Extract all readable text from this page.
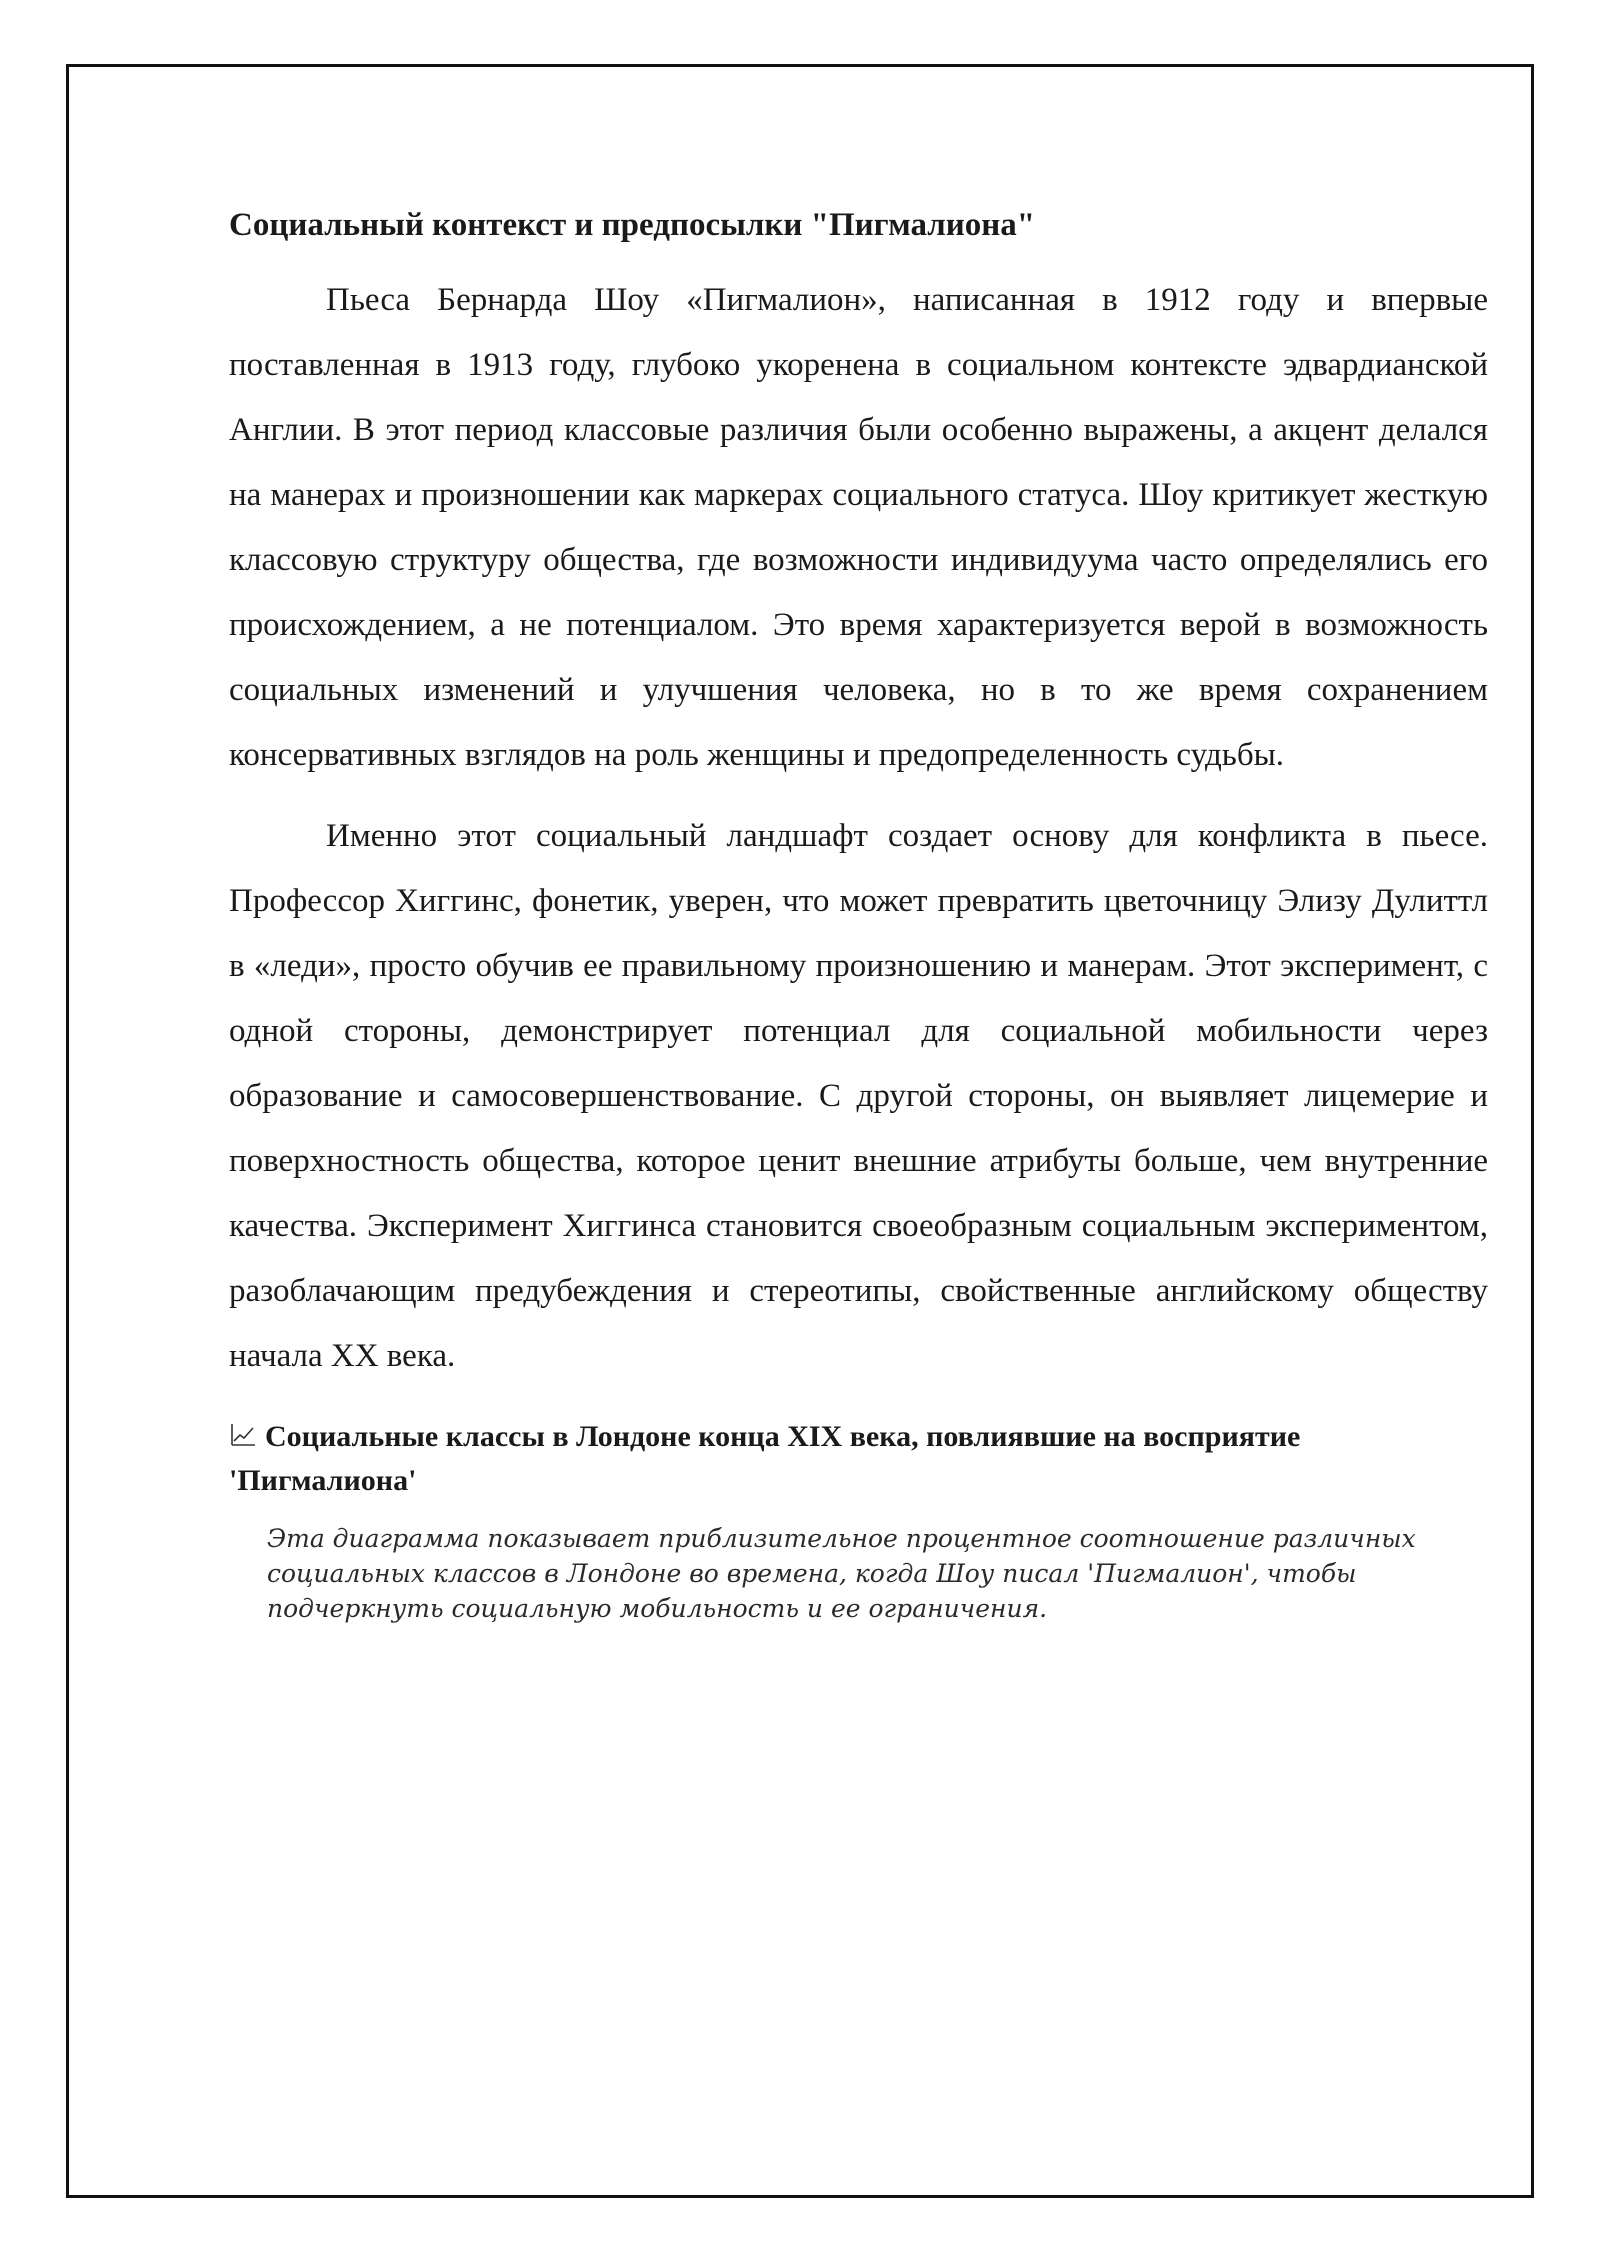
Социальный контекст и предпосылки "Пигмалиона"

Пьеса Бернарда Шоу «Пигмалион», написанная в 1912 году и впервые поставленная в 1913 году, глубоко укоренена в социальном контексте эдвардианской Англии. В этот период классовые различия были особенно выражены, а акцент делался на манерах и произношении как маркерах социального статуса. Шоу критикует жесткую классовую структуру общества, где возможности индивидуума часто определялись его происхождением, а не потенциалом. Это время характеризуется верой в возможность социальных изменений и улучшения человека, но в то же время сохранением консервативных взглядов на роль женщины и предопределенность судьбы.

Именно этот социальный ландшафт создает основу для конфликта в пьесе. Профессор Хиггинс, фонетик, уверен, что может превратить цветочницу Элизу Дулиттл в «леди», просто обучив ее правильному произношению и манерам. Этот эксперимент, с одной стороны, демонстрирует потенциал для социальной мобильности через образование и самосовершенствование. С другой стороны, он выявляет лицемерие и поверхностность общества, которое ценит внешние атрибуты больше, чем внутренние качества. Эксперимент Хиггинса становится своеобразным социальным экспериментом, разоблачающим предубеждения и стереотипы, свойственные английскому обществу начала XX века.

Социальные классы в Лондоне конца XIX века, повлиявшие на восприятие 'Пигмалиона'

Эта диаграмма показывает приблизительное процентное соотношение различных социальных классов в Лондоне во времена, когда Шоу писал 'Пигмалион', чтобы подчеркнуть социальную мобильность и ее ограничения.
